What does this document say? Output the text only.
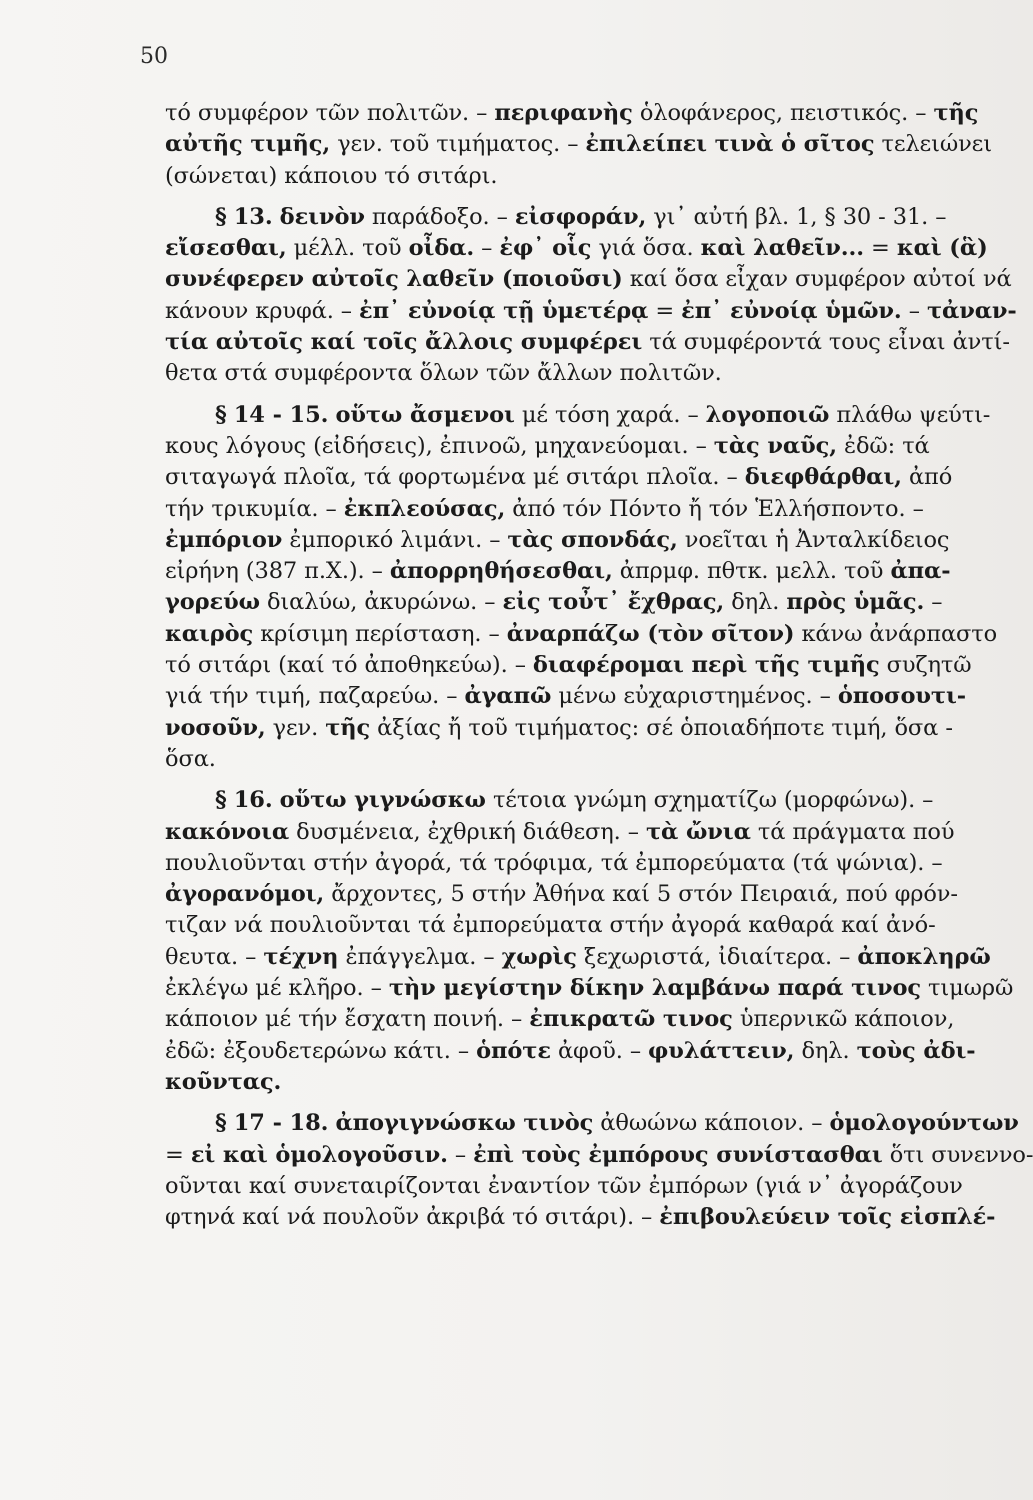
50
τό συμφέρον τῶν πολιτῶν. – περιφανὴς ὁλοφάνερος, πειστικός. – τῆς
αὐτῆς τιμῆς, γεν. τοῦ τιμήματος. – ἐπιλείπει τινὰ ὁ σῖτος τελειώνει
(σώνεται) κάποιου τό σιτάρι.
§ 13. δεινὸν παράδοξο. – εἰσφοράν, γι᾽ αὐτή βλ. 1, § 30 - 31. –
εἴσεσθαι, μέλλ. τοῦ οἶδα. – ἐφ᾽ οἷς γιά ὅσα. καὶ λαθεῖν... = καὶ (ἃ)
συνέφερεν αὐτοῖς λαθεῖν (ποιοῦσι) καί ὅσα εἶχαν συμφέρον αὐτοί νά
κάνουν κρυφά. – ἐπ᾽ εὐνοίᾳ τῇ ὑμετέρᾳ = ἐπ᾽ εὐνοίᾳ ὑμῶν. – τἀναν-
τία αὐτοῖς καί τοῖς ἄλλοις συμφέρει τά συμφέροντά τους εἶναι ἀντί-
θετα στά συμφέροντα ὅλων τῶν ἄλλων πολιτῶν.
§ 14 - 15. οὕτω ἄσμενοι μέ τόση χαρά. – λογοποιῶ πλάθω ψεύτι-
κους λόγους (εἰδήσεις), ἐπινοῶ, μηχανεύομαι. – τὰς ναῦς, ἐδῶ: τά
σιταγωγά πλοῖα, τά φορτωμένα μέ σιτάρι πλοῖα. – διεφθάρθαι, ἀπό
τήν τρικυμία. – ἐκπλεούσας, ἀπό τόν Πόντο ἤ τόν Ἑλλήσποντο. –
ἐμπόριον ἐμπορικό λιμάνι. – τὰς σπονδάς, νοεῖται ἡ Ἀνταλκίδειος
εἰρήνη (387 π.Χ.). – ἀπορρηθήσεσθαι, ἀπρμφ. πθτκ. μελλ. τοῦ ἀπα-
γορεύω διαλύω, ἀκυρώνω. – εἰς τοὖτ᾽ ἔχθρας, δηλ. πρὸς ὑμᾶς. –
καιρὸς κρίσιμη περίσταση. – ἀναρπάζω (τὸν σῖτον) κάνω ἀνάρπαστο
τό σιτάρι (καί τό ἀποθηκεύω). – διαφέρομαι περὶ τῆς τιμῆς συζητῶ
γιά τήν τιμή, παζαρεύω. – ἀγαπῶ μένω εὐχαριστημένος. – ὁποσουτι-
νοσοῦν, γεν. τῆς ἀξίας ἤ τοῦ τιμήματος: σέ ὁποιαδήποτε τιμή, ὅσα -
ὅσα.
§ 16. οὕτω γιγνώσκω τέτοια γνώμη σχηματίζω (μορφώνω). –
κακόνοια δυσμένεια, ἐχθρική διάθεση. – τὰ ὤνια τά πράγματα πού
πουλιοῦνται στήν ἀγορά, τά τρόφιμα, τά ἐμπορεύματα (τά ψώνια). –
ἀγορανόμοι, ἄρχοντες, 5 στήν Ἀθήνα καί 5 στόν Πειραιά, πού φρόν-
τιζαν νά πουλιοῦνται τά ἐμπορεύματα στήν ἀγορά καθαρά καί ἀνό-
θευτα. – τέχνη ἐπάγγελμα. – χωρὶς ξεχωριστά, ἰδιαίτερα. – ἀποκληρῶ
ἐκλέγω μέ κλῆρο. – τὴν μεγίστην δίκην λαμβάνω παρά τινος τιμωρῶ
κάποιον μέ τήν ἔσχατη ποινή. – ἐπικρατῶ τινος ὑπερνικῶ κάποιον,
ἐδῶ: ἐξουδετερώνω κάτι. – ὁπότε ἀφοῦ. – φυλάττειν, δηλ. τοὺς ἀδι-
κοῦντας.
§ 17 - 18. ἀπογιγνώσκω τινὸς ἀθωώνω κάποιον. – ὁμολογούντων
= εἰ καὶ ὁμολογοῦσιν. – ἐπὶ τοὺς ἐμπόρους συνίστασθαι ὅτι συνεννο-
οῦνται καί συνεταιρίζονται ἐναντίον τῶν ἐμπόρων (γιά ν᾽ ἀγοράζουν
φτηνά καί νά πουλοῦν ἀκριβά τό σιτάρι). – ἐπιβουλεύειν τοῖς εἰσπλέ-
